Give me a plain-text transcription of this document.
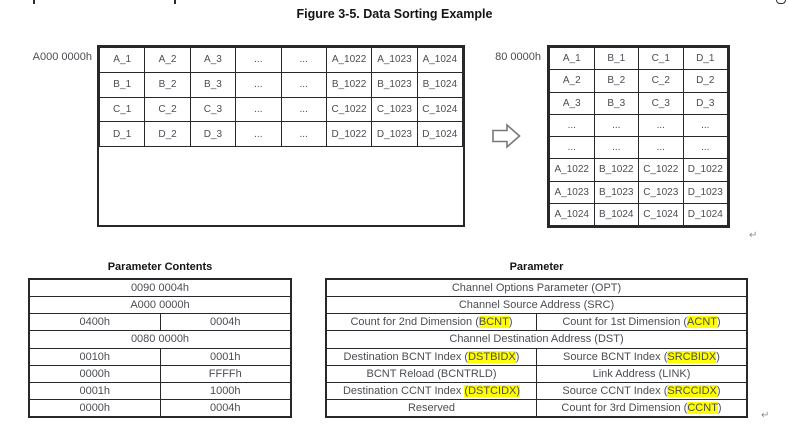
Figure 3-5. Data Sorting Example
A000 0000h A_1	A_2	A_3	...	...	A_1022	A_1023	A_1024
B_1	B_2	B_3	...	...	B_1022	B_1023	B_1024
C_1	C_2	C_3	...	...	C_1022	C_1023	C_1024
D_1	D_2	D_3	...	...	D_1022	D_1023	D_1024
80 0000h A_1	B_1	C_1	D_1
A_2	B_2	C_2	D_2
A_3	B_3	C_3	D_3
...	...	...	...
...	...	...	...
A_1022	B_1022	C_1022	D_1022
A_1023	B_1023	C_1023	D_1023
A_1024	B_1024	C_1024	D_1024
↵
Parameter Contents
0090 0004h	
A000 0000h	
0400h	0004h
0080 0000h	
0010h	0001h
0000h	FFFFh
0001h	1000h
0000h	0004h
Parameter
Channel Options Parameter (OPT)	
Channel Source Address (SRC)	
Count for 2nd Dimension (BCNT)	Count for 1st Dimension (ACNT)
Channel Destination Address (DST)	
Destination BCNT Index (DSTBIDX)	Source BCNT Index (SRCBIDX)
BCNT Reload (BCNTRLD)	Link Address (LINK)
Destination CCNT Index (DSTCIDX)	Source CCNT Index (SRCCIDX)
Reserved	Count for 3rd Dimension (CCNT)
↵
